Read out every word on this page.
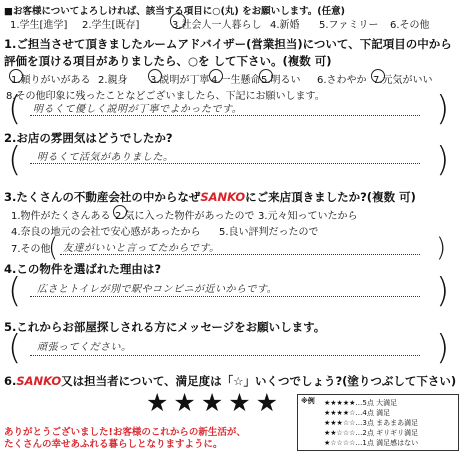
■お客様についてよろしければ、該当する項目に○(丸) をお願いします。(任意)
1.学生[進学] 2.学生[既存]	3.社会人一人暮らし 4.新婚 5.ファミリー 6.その他
1.ご担当させて頂きましたルームアドバイザー(営業担当)について、下記項目の中から
評価を頂ける項目がありましたら、○を して下さい。(複数 可)
1.頼りがいがある 2.親身 3.説明が丁寧 4.一生懸命 5.明るい 6.さわやか 7.元気がいい
8.その他印象に残ったことなどございましたら、下記にお願いします。
( 明るくて優しく説明が丁寧でよかったです。	)
2.お店の雰囲気はどうでしたか?
( 明るくて活気がありました。	)
3.たくさんの不動産会社の中からなぜSANKOにご来店頂きましたか?(複数 可)
1.物件がたくさんある 2.気に入った物件があったので 3.元々知っていたから
4.奈良の地元の会社で安心感があったから 5.良い評判だったので
7.その他
( 友達がいいと言ってたからです。	)
4.この物件を選ばれた理由は?
( 広さとトイレが別で駅やコンビニが近いからです。	)
5.これからお部屋探しされる方にメッセージをお願いします。
( 頑張ってください。	)
6.SANKO又は担当者について、満足度は「☆」いくつでしょう?(塗りつぶして下さい)
★★★★★
ありがとうございました!お客様のこれからの新生活が、
たくさんの幸せあふれる暮らしとなりますように。
※例 ★★★★★…5点 大満足
★★★★☆…4点 満足
★★★☆☆…3点 まあまあ満足
★★☆☆☆…2点 ギリギリ満足
★☆☆☆☆…1点 満足感はない
